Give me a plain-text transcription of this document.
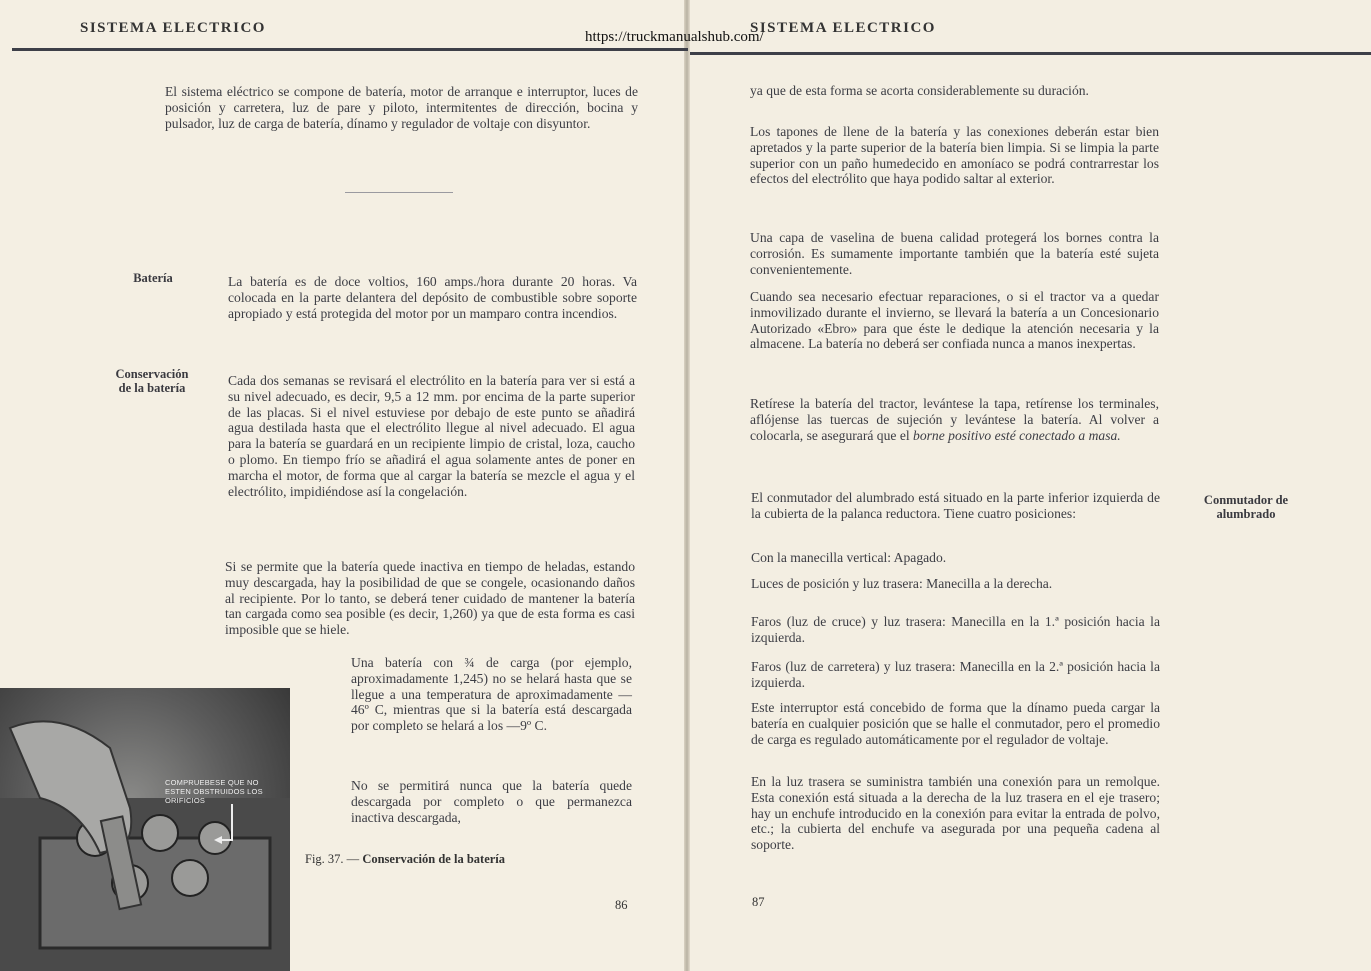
SISTEMA ELECTRICO	SISTEMA ELECTRICO
https://truckmanualshub.com/

El sistema eléctrico se compone de batería, motor de arranque e interruptor, luces de posición y carretera, luz de pare y piloto, intermitentes de dirección, bocina y pulsador, luz de carga de batería, dínamo y regulador de voltaje con disyuntor.

Batería	La batería es de doce voltios, 160 amps./hora durante 20 horas. Va colocada en la parte delantera del depósito de combustible sobre soporte apropiado y está protegida del motor por un mamparo contra incendios.

Conservación
de la batería	Cada dos semanas se revisará el electrólito en la batería para ver si está a su nivel adecuado, es decir, 9,5 a 12 mm. por encima de la parte superior de las placas. Si el nivel estuviese por debajo de este punto se añadirá agua destilada hasta que el electrólito llegue al nivel adecuado. El agua para la batería se guardará en un recipiente limpio de cristal, loza, caucho o plomo. En tiempo frío se añadirá el agua solamente antes de poner en marcha el motor, de forma que al cargar la batería se mezcle el agua y el electrólito, impidiéndose así la congelación.

Si se permite que la batería quede inactiva en tiempo de heladas, estando muy descargada, hay la posibilidad de que se congele, ocasionando daños al recipiente. Por lo tanto, se deberá tener cuidado de mantener la batería tan cargada como sea posible (es decir, 1,260) ya que de esta forma es casi imposible que se hiele.

Una batería con ¾ de carga (por ejemplo, aproximadamente 1,245) no se helará hasta que se llegue a una temperatura de aproximadamente —46º C, mientras que si la batería está descargada por completo se helará a los —9º C.

No se permitirá nunca que la batería quede descargada por completo o que permanezca inactiva descargada,

COMPRUEBESE QUE NO ESTEN OBSTRUIDOS LOS ORIFICIOS
Fig. 37. — Conservación de la batería
86

ya que de esta forma se acorta considerablemente su duración.

Los tapones de llene de la batería y las conexiones deberán estar bien apretados y la parte superior de la batería bien limpia. Si se limpia la parte superior con un paño humedecido en amoníaco se podrá contrarrestar los efectos del electrólito que haya podido saltar al exterior.

Una capa de vaselina de buena calidad protegerá los bornes contra la corrosión. Es sumamente importante también que la batería esté sujeta convenientemente.

Cuando sea necesario efectuar reparaciones, o si el tractor va a quedar inmovilizado durante el invierno, se llevará la batería a un Concesionario Autorizado «Ebro» para que éste le dedique la atención necesaria y la almacene. La batería no deberá ser confiada nunca a manos inexpertas.

Retírese la batería del tractor, levántese la tapa, retírense los terminales, aflójense las tuercas de sujeción y levántese la batería. Al volver a colocarla, se asegurará que el borne positivo esté conectado a masa.

Conmutador de
alumbrado

El conmutador del alumbrado está situado en la parte inferior izquierda de la cubierta de la palanca reductora. Tiene cuatro posiciones:

Con la manecilla vertical: Apagado.

Luces de posición y luz trasera: Manecilla a la derecha.

Faros (luz de cruce) y luz trasera: Manecilla en la 1.ª posición hacia la izquierda.

Faros (luz de carretera) y luz trasera: Manecilla en la 2.ª posición hacia la izquierda.

Este interruptor está concebido de forma que la dínamo pueda cargar la batería en cualquier posición que se halle el conmutador, pero el promedio de carga es regulado automáticamente por el regulador de voltaje.

En la luz trasera se suministra también una conexión para un remolque. Esta conexión está situada a la derecha de la luz trasera en el eje trasero; hay un enchufe introducido en la conexión para evitar la entrada de polvo, etc.; la cubierta del enchufe va asegurada por una pequeña cadena al soporte.

87
